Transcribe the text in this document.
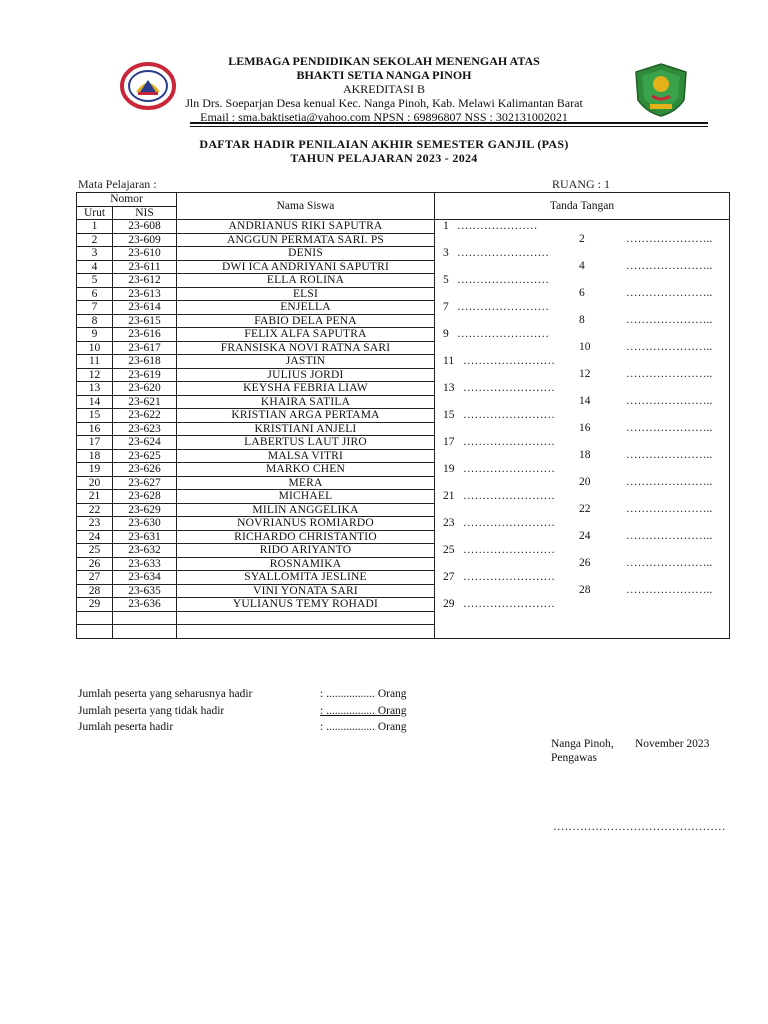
LEMBAGA PENDIDIKAN SEKOLAH MENENGAH ATAS
BHAKTI SETIA NANGA PINOH
AKREDITASI B
Jln Drs. Soeparjan Desa kenual Kec. Nanga Pinoh, Kab. Melawi Kalimantan Barat
Email : sma.baktisetia@yahoo.com NPSN : 69896807 NSS : 302131002021
DAFTAR HADIR PENILAIAN AKHIR SEMESTER GANJIL (PAS)
TAHUN PELAJARAN 2023 - 2024
Mata Pelajaran :	RUANG : 1
Nomor		Nama Siswa	Tanda Tangan
Urut	NIS		
1	23-608	ANDRIANUS RIKI SAPUTRA	1 …………………

2	23-609	ANGGUN PERMATA SARI. PS	2 …………………..

3	23-610	DENIS	3 ……………………

4	23-611	DWI ICA ANDRIYANI SAPUTRI	4 …………………..

5	23-612	ELLA ROLINA	5 ……………………

6	23-613	ELSI	6 …………………..

7	23-614	ENJELLA	7 ……………………

8	23-615	FABIO DELA PENA	8 …………………..

9	23-616	FELIX ALFA SAPUTRA	9 ……………………

10	23-617	FRANSISKA NOVI RATNA SARI	10 …………………..

11	23-618	JASTIN	11 ……………………

12	23-619	JULIUS JORDI	12 …………………..

13	23-620	KEYSHA FEBRIA LIAW	13 ……………………

14	23-621	KHAIRA SATILA	14 …………………..

15	23-622	KRISTIAN ARGA PERTAMA	15 ……………………

16	23-623	KRISTIANI ANJELI	16 …………………..

17	23-624	LABERTUS LAUT JIRO	17 ……………………

18	23-625	MALSA VITRI	18 …………………..

19	23-626	MARKO CHEN	19 ……………………

20	23-627	MERA	20 …………………..

21	23-628	MICHAEL	21 ……………………

22	23-629	MILIN ANGGELIKA	22 …………………..

23	23-630	NOVRIANUS ROMIARDO	23 ……………………

24	23-631	RICHARDO CHRISTANTIO	24 …………………..

25	23-632	RIDO ARIYANTO	25 ……………………

26	23-633	ROSNAMIKA	26 …………………..

27	23-634	SYALLOMITA JESLINE	27 ……………………

28	23-635	VINI YONATA SARI	28 …………………..

29	23-636	YULIANUS TEMY ROHADI	29 ……………………

Jumlah peserta yang seharusnya hadir	: ................. Orang
Jumlah peserta yang tidak hadir	: ................. Orang
Jumlah peserta hadir	: ................. Orang
Nanga Pinoh, November 2023
Pengawas
………………………………………
